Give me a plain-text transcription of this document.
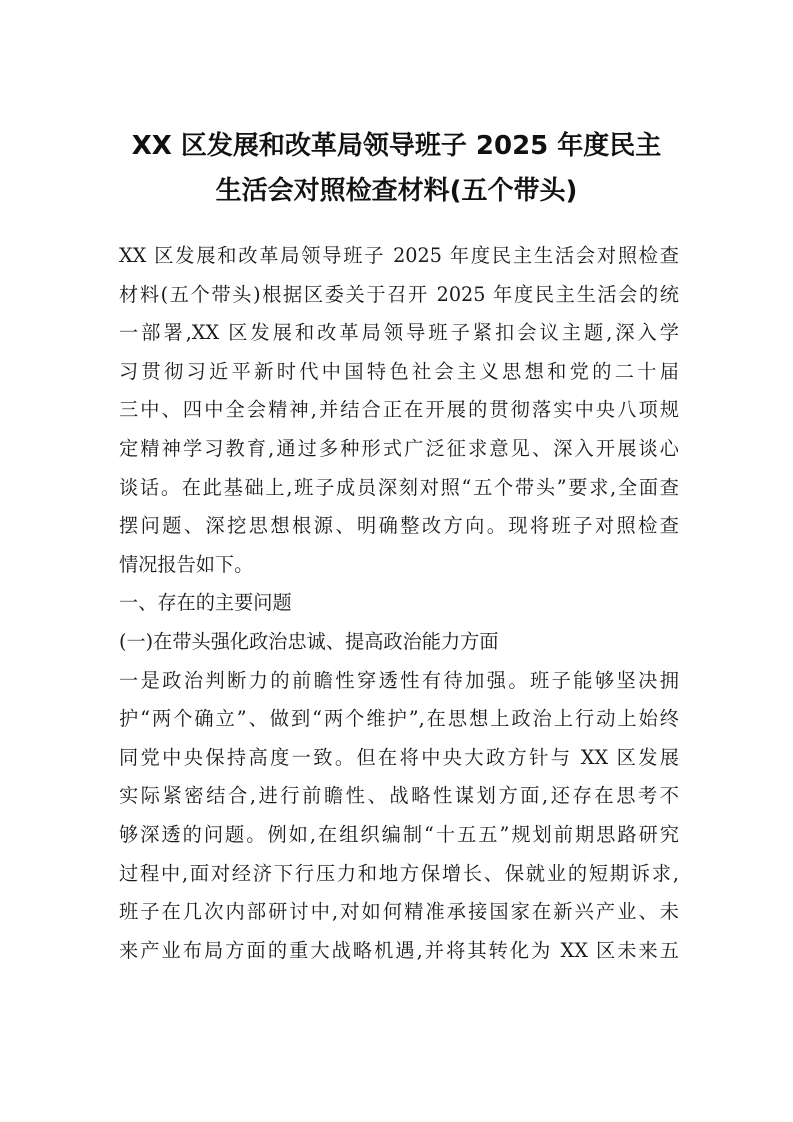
XX 区发展和改革局领导班子 2025 年度民主
生活会对照检查材料(五个带头)
XX 区发展和改革局领导班子 2025 年度民主生活会对照检查
材料(五个带头)根据区委关于召开 2025 年度民主生活会的统
一部署,XX 区发展和改革局领导班子紧扣会议主题,深入学
习贯彻习近平新时代中国特色社会主义思想和党的二十届
三中、四中全会精神,并结合正在开展的贯彻落实中央八项规
定精神学习教育,通过多种形式广泛征求意见、深入开展谈心
谈话。在此基础上,班子成员深刻对照“五个带头”要求,全面查
摆问题、深挖思想根源、明确整改方向。现将班子对照检查
情况报告如下。
一、存在的主要问题
(一)在带头强化政治忠诚、提高政治能力方面
一是政治判断力的前瞻性穿透性有待加强。班子能够坚决拥
护“两个确立”、做到“两个维护”,在思想上政治上行动上始终
同党中央保持高度一致。但在将中央大政方针与 XX 区发展
实际紧密结合,进行前瞻性、战略性谋划方面,还存在思考不
够深透的问题。例如,在组织编制“十五五”规划前期思路研究
过程中,面对经济下行压力和地方保增长、保就业的短期诉求,
班子在几次内部研讨中,对如何精准承接国家在新兴产业、未
来产业布局方面的重大战略机遇,并将其转化为 XX 区未来五
